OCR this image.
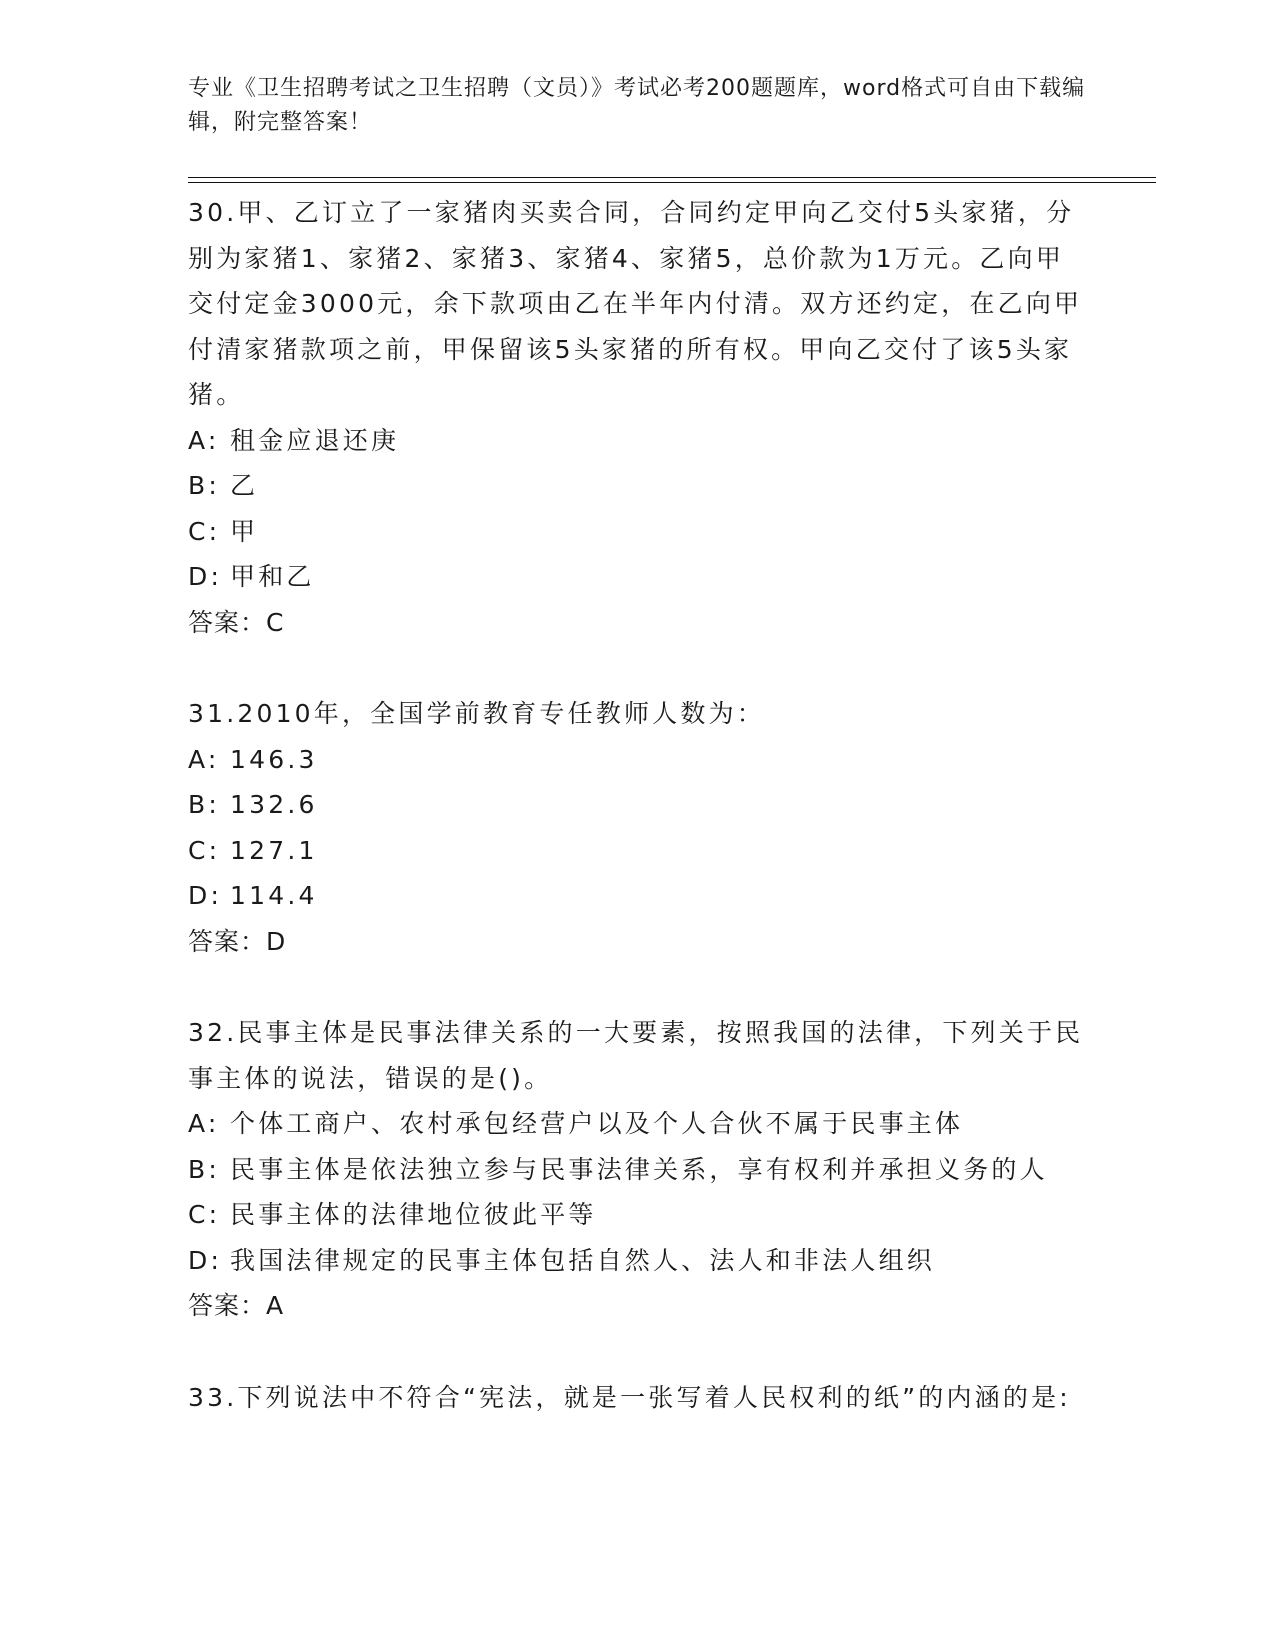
专业《卫生招聘考试之卫生招聘（文员）》考试必考200题题库，word格式可自由下载编辑，附完整答案！
30.甲、乙订立了一家猪肉买卖合同，合同约定甲向乙交付5头家猪，分别为家猪1、家猪2、家猪3、家猪4、家猪5，总价款为1万元。乙向甲交付定金3000元，余下款项由乙在半年内付清。双方还约定，在乙向甲付清家猪款项之前，甲保留该5头家猪的所有权。甲向乙交付了该5头家猪。
A: 租金应退还庚
B: 乙
C: 甲
D: 甲和乙
答案：C
31.2010年，全国学前教育专任教师人数为：
A: 146.3
B: 132.6
C: 127.1
D: 114.4
答案：D
32.民事主体是民事法律关系的一大要素，按照我国的法律，下列关于民事主体的说法，错误的是()。
A: 个体工商户、农村承包经营户以及个人合伙不属于民事主体
B: 民事主体是依法独立参与民事法律关系，享有权利并承担义务的人
C: 民事主体的法律地位彼此平等
D: 我国法律规定的民事主体包括自然人、法人和非法人组织
答案：A
33.下列说法中不符合“宪法，就是一张写着人民权利的纸”的内涵的是:
